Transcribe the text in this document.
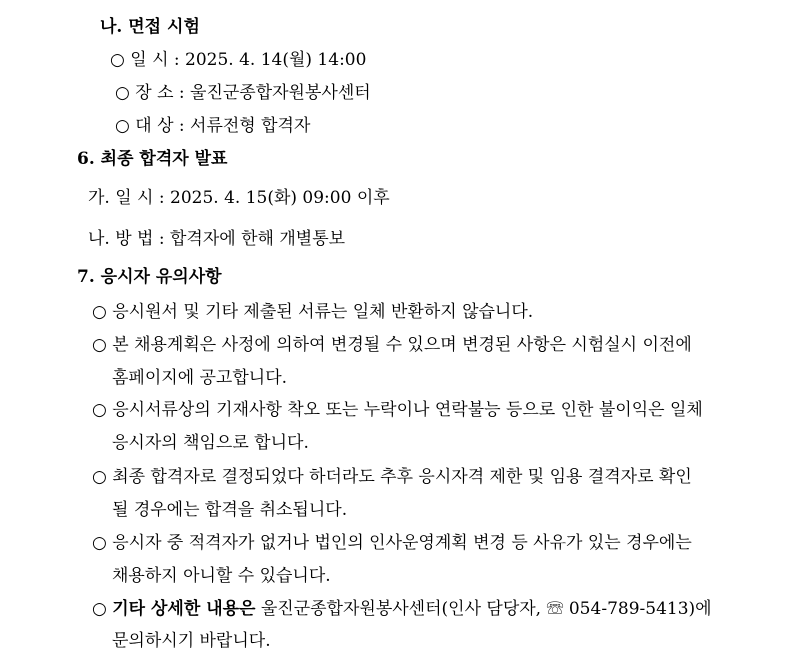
나. 면접 시험
○ 일 시 : 2025. 4. 14(월) 14:00
○ 장 소 : 울진군종합자원봉사센터
○ 대 상 : 서류전형 합격자
6. 최종 합격자 발표
가. 일 시 : 2025. 4. 15(화) 09:00 이후
나. 방 법 : 합격자에 한해 개별통보
7. 응시자 유의사항
○ 응시원서 및 기타 제출된 서류는 일체 반환하지 않습니다.
○ 본 채용계획은 사정에 의하여 변경될 수 있으며 변경된 사항은 시험실시 이전에
홈페이지에 공고합니다.
○ 응시서류상의 기재사항 착오 또는 누락이나 연락불능 등으로 인한 불이익은 일체
응시자의 책임으로 합니다.
○ 최종 합격자로 결정되었다 하더라도 추후 응시자격 제한 및 임용 결격자로 확인
될 경우에는 합격을 취소됩니다.
○ 응시자 중 적격자가 없거나 법인의 인사운영계획 변경 등 사유가 있는 경우에는
채용하지 아니할 수 있습니다.
○ 기타 상세한 내용은 울진군종합자원봉사센터(인사 담당자, ☏ 054-789-5413)에
문의하시기 바랍니다.
